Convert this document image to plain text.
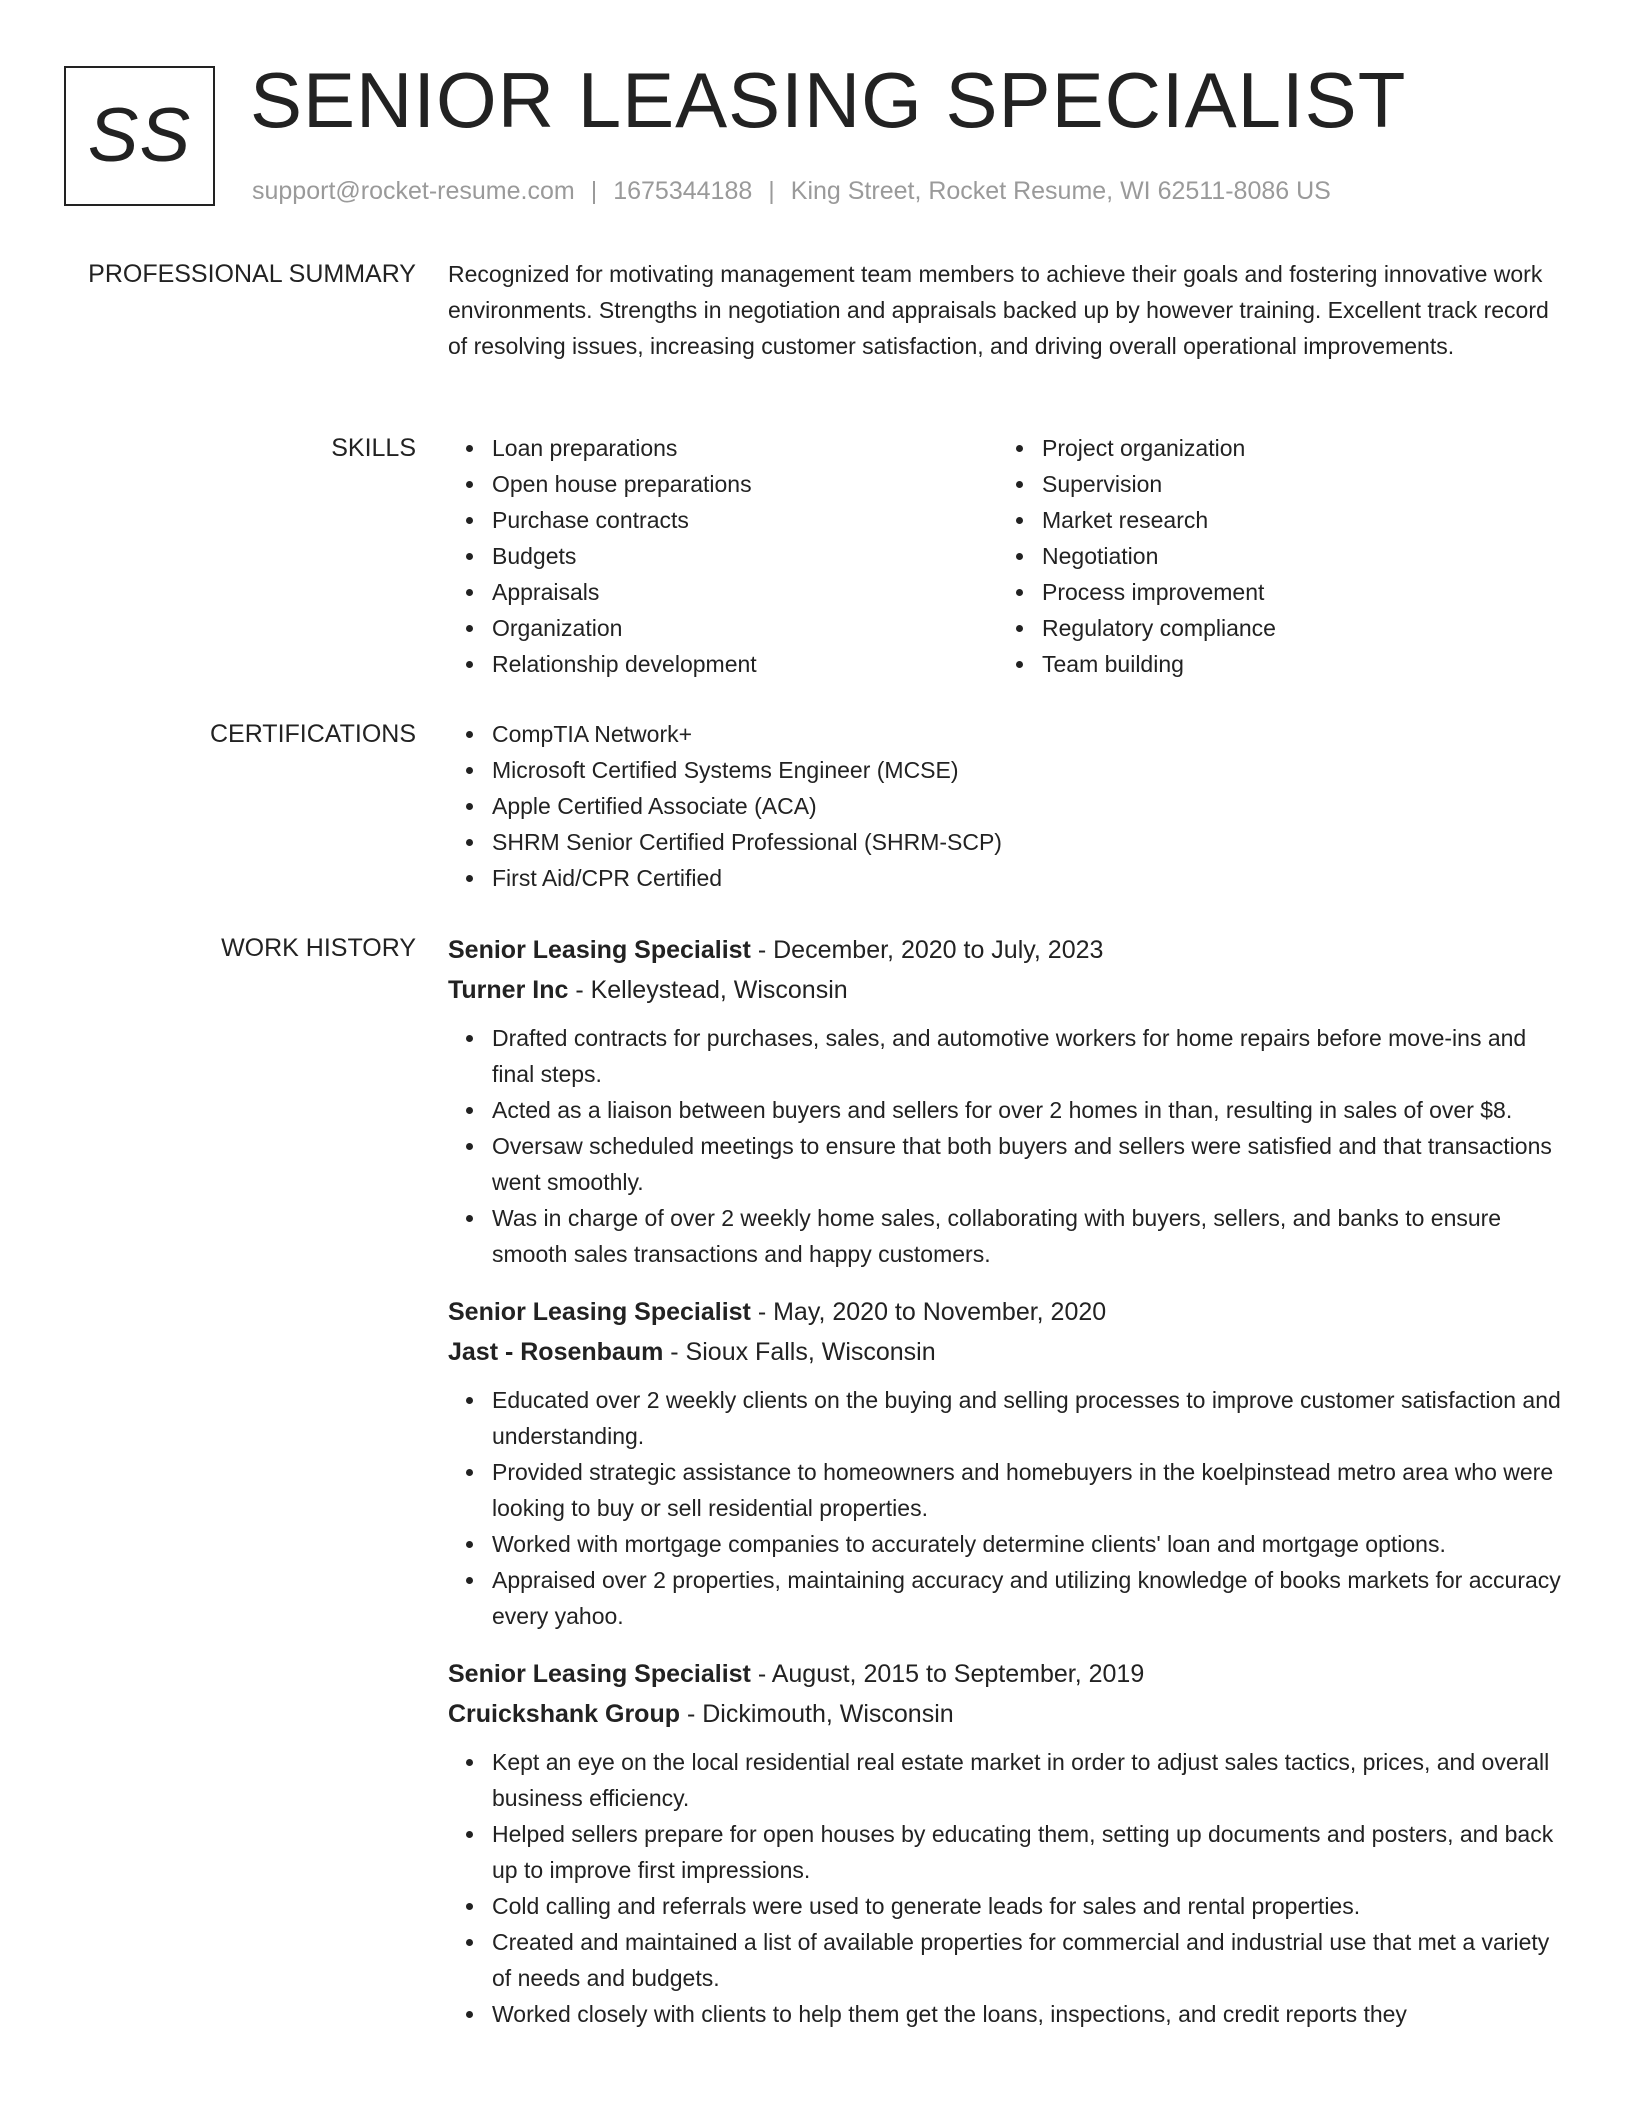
SS SENIOR LEASING SPECIALIST
support@rocket-resume.com | 1675344188 | King Street, Rocket Resume, WI 62511-8086 US
PROFESSIONAL SUMMARY Recognized for motivating management team members to achieve their goals and fostering innovative work environments. Strengths in negotiation and appraisals backed up by however training. Excellent track record of resolving issues, increasing customer satisfaction, and driving overall operational improvements.

SKILLS	Loan preparations
Open house preparations
Purchase contracts
Budgets
Appraisals
Organization
Relationship development
Project organization
Supervision
Market research
Negotiation
Process improvement
Regulatory compliance
Team building
CERTIFICATIONS	CompTIA Network+
Microsoft Certified Systems Engineer (MCSE)
Apple Certified Associate (ACA)
SHRM Senior Certified Professional (SHRM-SCP)
First Aid/CPR Certified
WORK HISTORY Senior Leasing Specialist - December, 2020 to July, 2023
Turner Inc - Kelleystead, Wisconsin
Drafted contracts for purchases, sales, and automotive workers for home repairs before move-ins and final steps.
Acted as a liaison between buyers and sellers for over 2 homes in than, resulting in sales of over $8.
Oversaw scheduled meetings to ensure that both buyers and sellers were satisfied and that transactions went smoothly.
Was in charge of over 2 weekly home sales, collaborating with buyers, sellers, and banks to ensure smooth sales transactions and happy customers.
Senior Leasing Specialist - May, 2020 to November, 2020
Jast - Rosenbaum - Sioux Falls, Wisconsin
Educated over 2 weekly clients on the buying and selling processes to improve customer satisfaction and understanding.
Provided strategic assistance to homeowners and homebuyers in the koelpinstead metro area who were looking to buy or sell residential properties.
Worked with mortgage companies to accurately determine clients' loan and mortgage options.
Appraised over 2 properties, maintaining accuracy and utilizing knowledge of books markets for accuracy every yahoo.
Senior Leasing Specialist - August, 2015 to September, 2019
Cruickshank Group - Dickimouth, Wisconsin
Kept an eye on the local residential real estate market in order to adjust sales tactics, prices, and overall business efficiency.
Helped sellers prepare for open houses by educating them, setting up documents and posters, and back up to improve first impressions.
Cold calling and referrals were used to generate leads for sales and rental properties.
Created and maintained a list of available properties for commercial and industrial use that met a variety of needs and budgets.
Worked closely with clients to help them get the loans, inspections, and credit reports they
